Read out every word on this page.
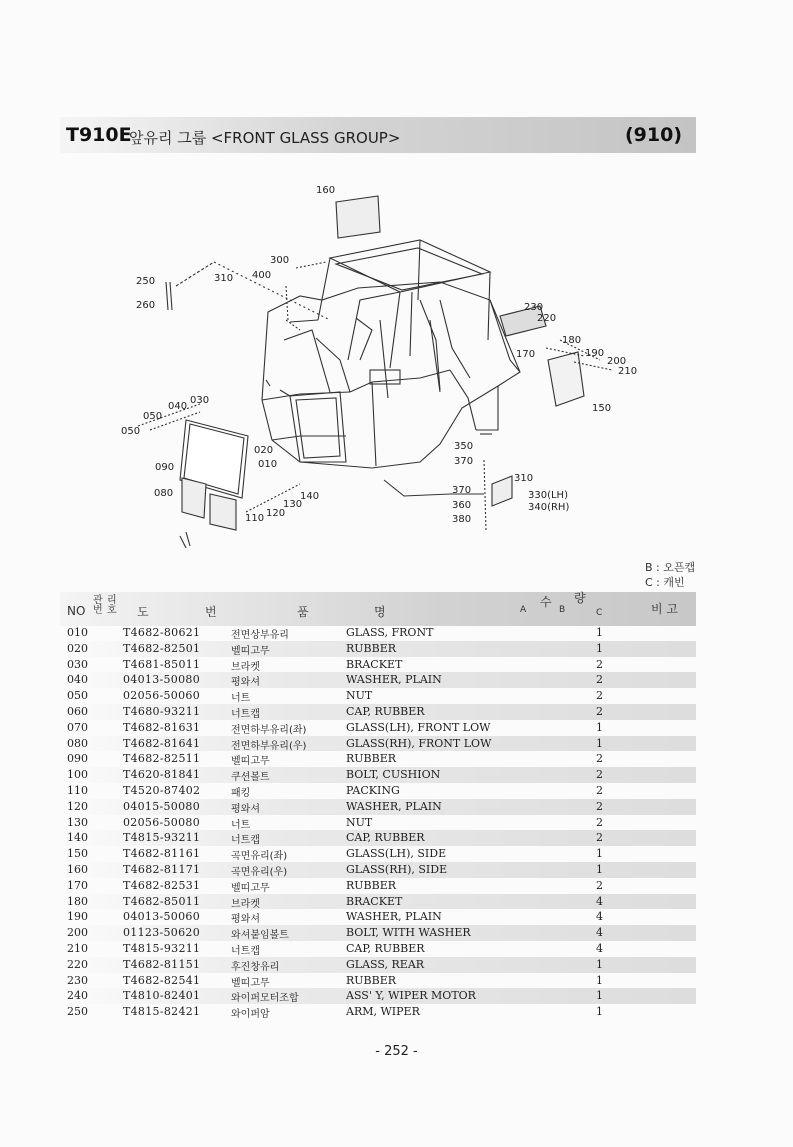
T910E
앞유리 그룹 <FRONT GLASS GROUP>	(910)
160
300
400
310
250
260	230
220
180
170	190
200
210
150
030
040
050
050
020
010
090
080
350
370
310
370	330(LH)
360	340(RH)
380
140
130
120
110
B : 오픈캡
C : 캐빈
NO
관
번
리
호 도	번	품	명
수 량
A	B	C	비 고
010	T4682-80621	전면상부유리	GLASS, FRONT	1
020	T4682-82501	벨띠고무	RUBBER	1
030	T4681-85011	브라켓	BRACKET	2
040	04013-50080	평와셔	WASHER, PLAIN	2
050	02056-50060	너트	NUT	2
060	T4680-93211	너트캡	CAP, RUBBER	2
070	T4682-81631	전면하부유리(좌)	GLASS(LH), FRONT LOW	1
080	T4682-81641	전면하부유리(우)	GLASS(RH), FRONT LOW	1
090	T4682-82511	벨띠고무	RUBBER	2
100	T4620-81841	쿠션볼트	BOLT, CUSHION	2
110	T4520-87402	패킹	PACKING	2
120	04015-50080	평와셔	WASHER, PLAIN	2
130	02056-50080	너트	NUT	2
140	T4815-93211	너트캡	CAP, RUBBER	2
150	T4682-81161	곡면유리(좌)	GLASS(LH), SIDE	1
160	T4682-81171	곡면유리(우)	GLASS(RH), SIDE	1
170	T4682-82531	벨띠고무	RUBBER	2
180	T4682-85011	브라켓	BRACKET	4
190	04013-50060	평와셔	WASHER, PLAIN	4
200	01123-50620	와셔붙임볼트	BOLT, WITH WASHER	4
210	T4815-93211	너트캡	CAP, RUBBER	4
220	T4682-81151	후진창유리	GLASS, REAR	1
230	T4682-82541	벨띠고무	RUBBER	1
240	T4810-82401	와이퍼모터조합	ASS' Y, WIPER MOTOR	1
250	T4815-82421	와이퍼암	ARM, WIPER	1
- 252 -
